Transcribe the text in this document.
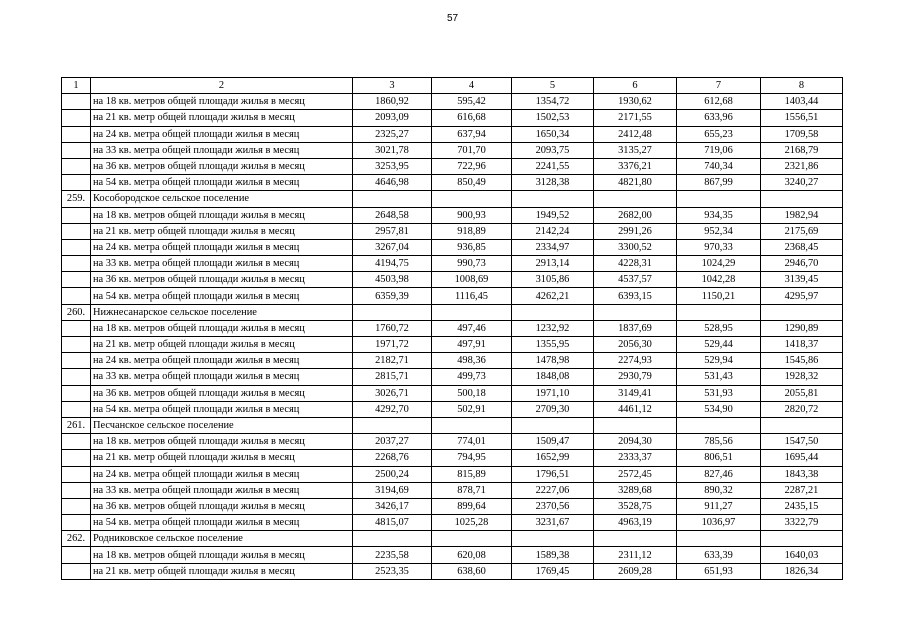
57
1	2	3	4	5	6	7	8
	на 18 кв. метров общей площади жилья в месяц	1860,92	595,42	1354,72	1930,62	612,68	1403,44
	на 21 кв. метр общей площади жилья в месяц	2093,09	616,68	1502,53	2171,55	633,96	1556,51
	на 24 кв. метра общей площади жилья в месяц	2325,27	637,94	1650,34	2412,48	655,23	1709,58
	на 33 кв. метра общей площади жилья в месяц	3021,78	701,70	2093,75	3135,27	719,06	2168,79
	на 36 кв. метров общей площади жилья в месяц	3253,95	722,96	2241,55	3376,21	740,34	2321,86
	на 54 кв. метра общей площади жилья в месяц	4646,98	850,49	3128,38	4821,80	867,99	3240,27
259.	Кособородское сельское поселение						
	на 18 кв. метров общей площади жилья в месяц	2648,58	900,93	1949,52	2682,00	934,35	1982,94
	на 21 кв. метр общей площади жилья в месяц	2957,81	918,89	2142,24	2991,26	952,34	2175,69
	на 24 кв. метра общей площади жилья в месяц	3267,04	936,85	2334,97	3300,52	970,33	2368,45
	на 33 кв. метра общей площади жилья в месяц	4194,75	990,73	2913,14	4228,31	1024,29	2946,70
	на 36 кв. метров общей площади жилья в месяц	4503,98	1008,69	3105,86	4537,57	1042,28	3139,45
	на 54 кв. метра общей площади жилья в месяц	6359,39	1116,45	4262,21	6393,15	1150,21	4295,97
260.	Нижнесанарское сельское поселение						
	на 18 кв. метров общей площади жилья в месяц	1760,72	497,46	1232,92	1837,69	528,95	1290,89
	на 21 кв. метр общей площади жилья в месяц	1971,72	497,91	1355,95	2056,30	529,44	1418,37
	на 24 кв. метра общей площади жилья в месяц	2182,71	498,36	1478,98	2274,93	529,94	1545,86
	на 33 кв. метра общей площади жилья в месяц	2815,71	499,73	1848,08	2930,79	531,43	1928,32
	на 36 кв. метров общей площади жилья в месяц	3026,71	500,18	1971,10	3149,41	531,93	2055,81
	на 54 кв. метра общей площади жилья в месяц	4292,70	502,91	2709,30	4461,12	534,90	2820,72
261.	Песчанское сельское поселение						
	на 18 кв. метров общей площади жилья в месяц	2037,27	774,01	1509,47	2094,30	785,56	1547,50
	на 21 кв. метр общей площади жилья в месяц	2268,76	794,95	1652,99	2333,37	806,51	1695,44
	на 24 кв. метра общей площади жилья в месяц	2500,24	815,89	1796,51	2572,45	827,46	1843,38
	на 33 кв. метра общей площади жилья в месяц	3194,69	878,71	2227,06	3289,68	890,32	2287,21
	на 36 кв. метров общей площади жилья в месяц	3426,17	899,64	2370,56	3528,75	911,27	2435,15
	на 54 кв. метра общей площади жилья в месяц	4815,07	1025,28	3231,67	4963,19	1036,97	3322,79
262.	Родниковское сельское поселение						
	на 18 кв. метров общей площади жилья в месяц	2235,58	620,08	1589,38	2311,12	633,39	1640,03
	на 21 кв. метр общей площади жилья в месяц	2523,35	638,60	1769,45	2609,28	651,93	1826,34
